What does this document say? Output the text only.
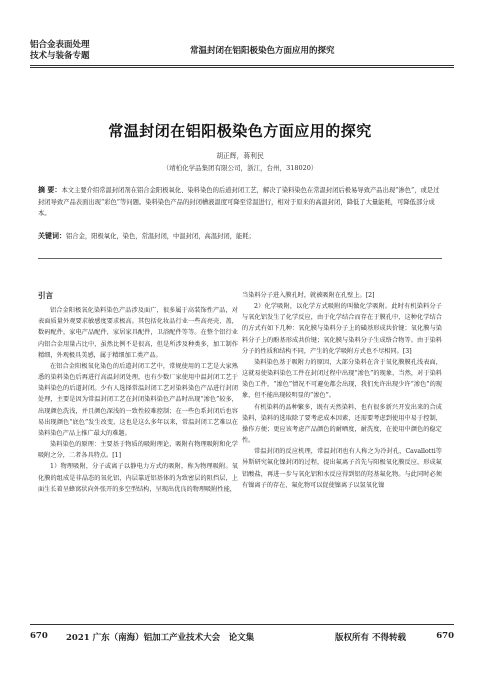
铝合金表面处理
技术与装备专题	常温封闭在铝阳极染色方面应用的探究
常温封闭在铝阳极染色方面应用的探究
胡正辉，蒋利民
（靖柏化学品集团有限公司，浙江，台州，318020）
摘 要：本文主要介绍常温封闭剂在铝合金阳极氧化、染料染色的后道封闭工艺，解决了染料染色在常温封闭后极易导致产品出现“渗色”，或是过封闭导致产品表面出现“彩色”等问题。染料染色产品的封闭槽液温度可降至常温进行，相对于原来的高温封闭，降低了大量能耗，可降低部分成本。
关键词：铝合金，阳极氧化，染色，常温封闭，中温封闭，高温封闭，能耗；
引言

铝合金阳极氧化染料染色产品涉及面广，很多属于高装饰性产品，对表面质量外观要求敏感度要求极高。其包括化妆品行业一些高亮壳、盖，数码配件，家电产品配件，家居家具配件，卫浴配件等等。在整个铝行业内铝合金用量占比中，虽然比例不是很高，但是所涉及种类多，加工制作精细，外观极具美感，属于精细加工类产品。

在铝合金阳极氧化染色的后道封闭工艺中，常规使用的工艺是大家熟悉的染料染色后再进行高温封闭处理，也有少数厂家使用中温封闭工艺于染料染色的后道封闭。少有人选择常温封闭工艺对染料染色产品进行封闭处理，主要是因为常温封闭工艺在封闭染料染色产品时出现“渗色”较多，出现颜色洗浅，并且颜色深浅的一致性较难控制；在一些色系封闭后也容易出现颜色“底色”发生改变，这也是这么多年以来，常温封闭工艺难以在染料染色产品上推广最大的难题。

染料染色的原理：主要基于物质的吸附理论，吸附有物理吸附和化学吸附之分，二者各具特点。[1]

1）物理吸附，分子或离子以静电力方式的吸附，称为物理吸附。氧化膜的组成是非晶态的氧化铝，内层靠近铝基体的为致密层的阻挡层，上面生长着呈蜂窝状向外张开的多空型结构，呈现出优良的物理吸附性能，

当染料分子进入膜孔时，就被吸附在孔壁上。[2]

2）化学吸附，以化学方式吸附的叫做化学吸附。此时有机染料分子与氧化铝发生了化学反应，由于化学结合而存在于膜孔中，这种化学结合的方式有如下几种：氧化膜与染料分子上的磺基形成共价键；氧化膜与染料分子上的酚基形成共价键；氧化膜与染料分子生成络合物等。由于染料分子的性质和结构不同，产生的化学吸附方式也不尽相同。[3]

染料染色基于吸附力的原因，大部分染料在含于氧化膜膜孔浅表面，这就易使染料染色工件在封闭过程中出现“渗色”的现象，当然，对于染料染色工件，“渗色”情况不可避免都会出现，我们允许出现少许“渗色”的现象，但不能出现较明显的“渗色”。

有机染料的品种繁多，既有天然染料，也有很多新兴开发出来的合成染料，染料的选取除了要考虑成本因素，还需要考虑到使用中易于控制，操作方便；更应该考虑产品颜色的耐晒度，耐洗度，在使用中颜色的稳定性。

常温封闭的反应机理，常温封闭也有人称之为冷封孔，Cavallotti等异斯研究氟化镍封闭的过程，提出氟离子首先与阳极氧化膜反应，形成氟铝酸盐，再进一步与氧化铝和水反应得到铝的羟基氟化物。与此同时必须有镍离子的存在，氟化物可以促使镍离子以氢氧化镍

670 2021 广东（南海）铝加工产业技术大会　论文集	版权所有 不得转载	670
